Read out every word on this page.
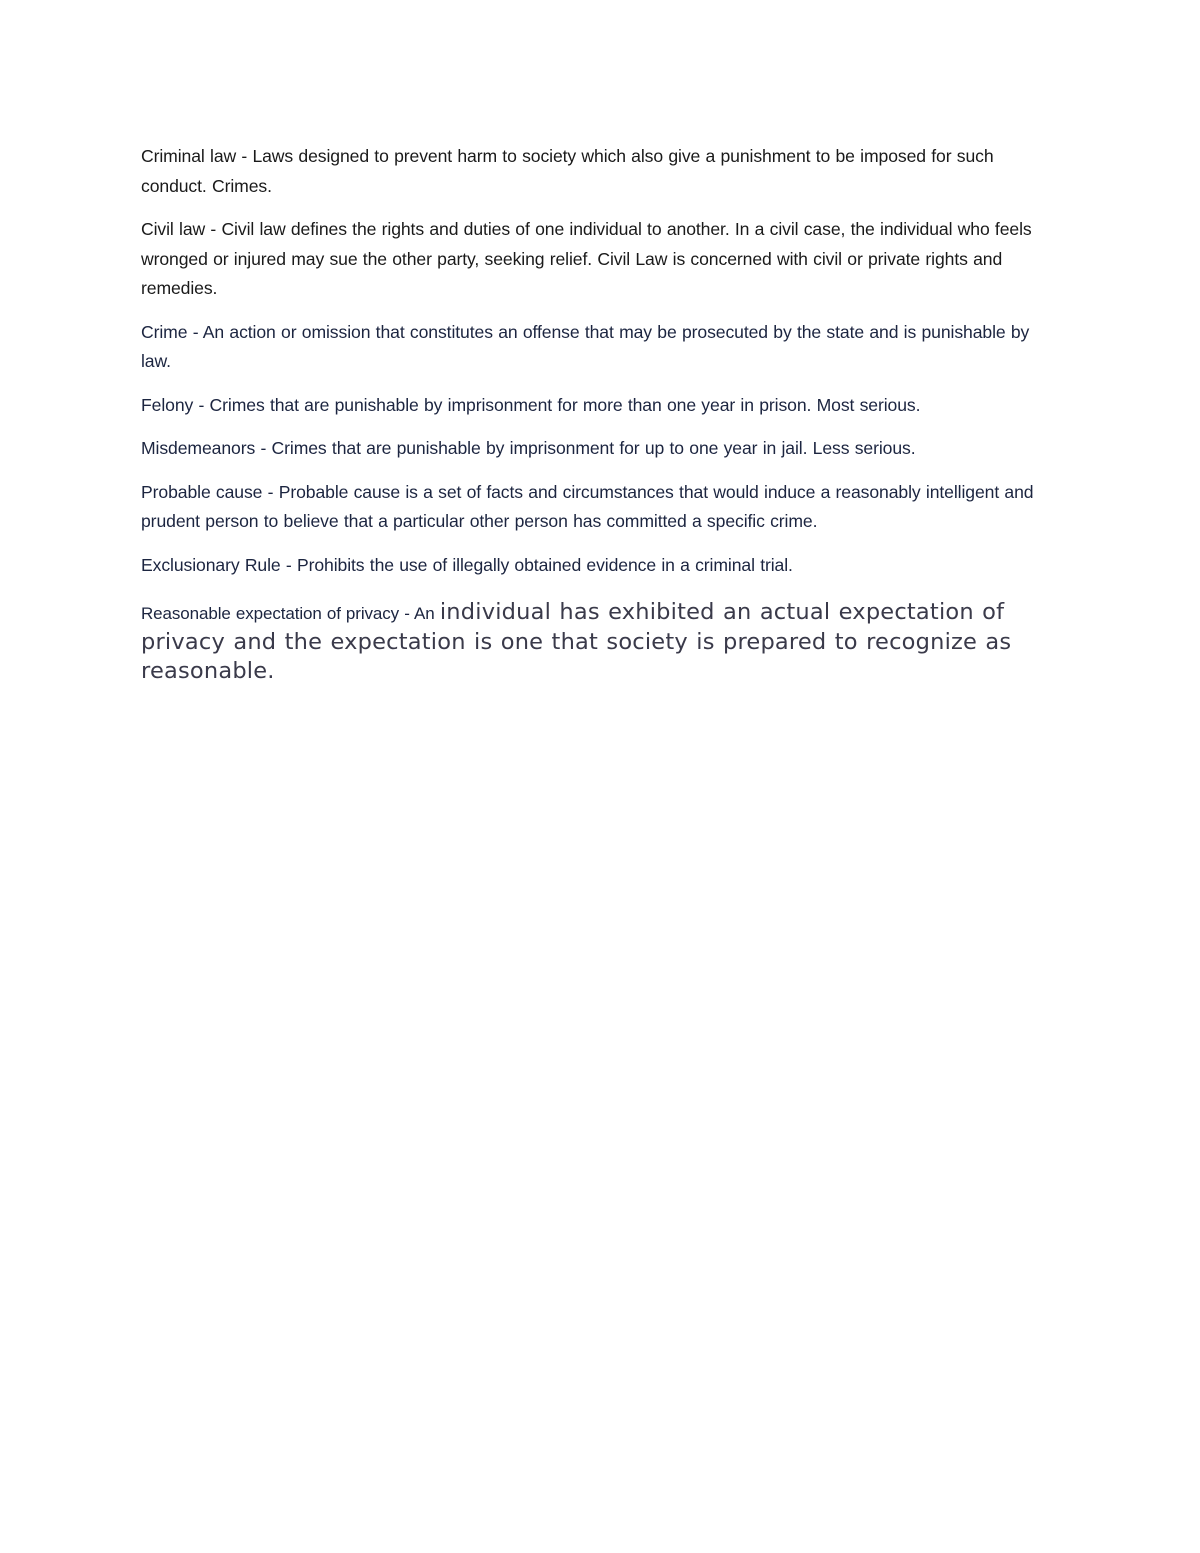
Criminal law - Laws designed to prevent harm to society which also give a punishment to be imposed for such conduct. Crimes.

Civil law - Civil law defines the rights and duties of one individual to another. In a civil case, the individual who feels wronged or injured may sue the other party, seeking relief. Civil Law is concerned with civil or private rights and remedies.

Crime - An action or omission that constitutes an offense that may be prosecuted by the state and is punishable by law.

Felony - Crimes that are punishable by imprisonment for more than one year in prison. Most serious.

Misdemeanors - Crimes that are punishable by imprisonment for up to one year in jail. Less serious.

Probable cause - Probable cause is a set of facts and circumstances that would induce a reasonably intelligent and prudent person to believe that a particular other person has committed a specific crime.

Exclusionary Rule - Prohibits the use of illegally obtained evidence in a criminal trial.

Reasonable expectation of privacy - An individual has exhibited an actual expectation of privacy and the expectation is one that society is prepared to recognize as reasonable.
